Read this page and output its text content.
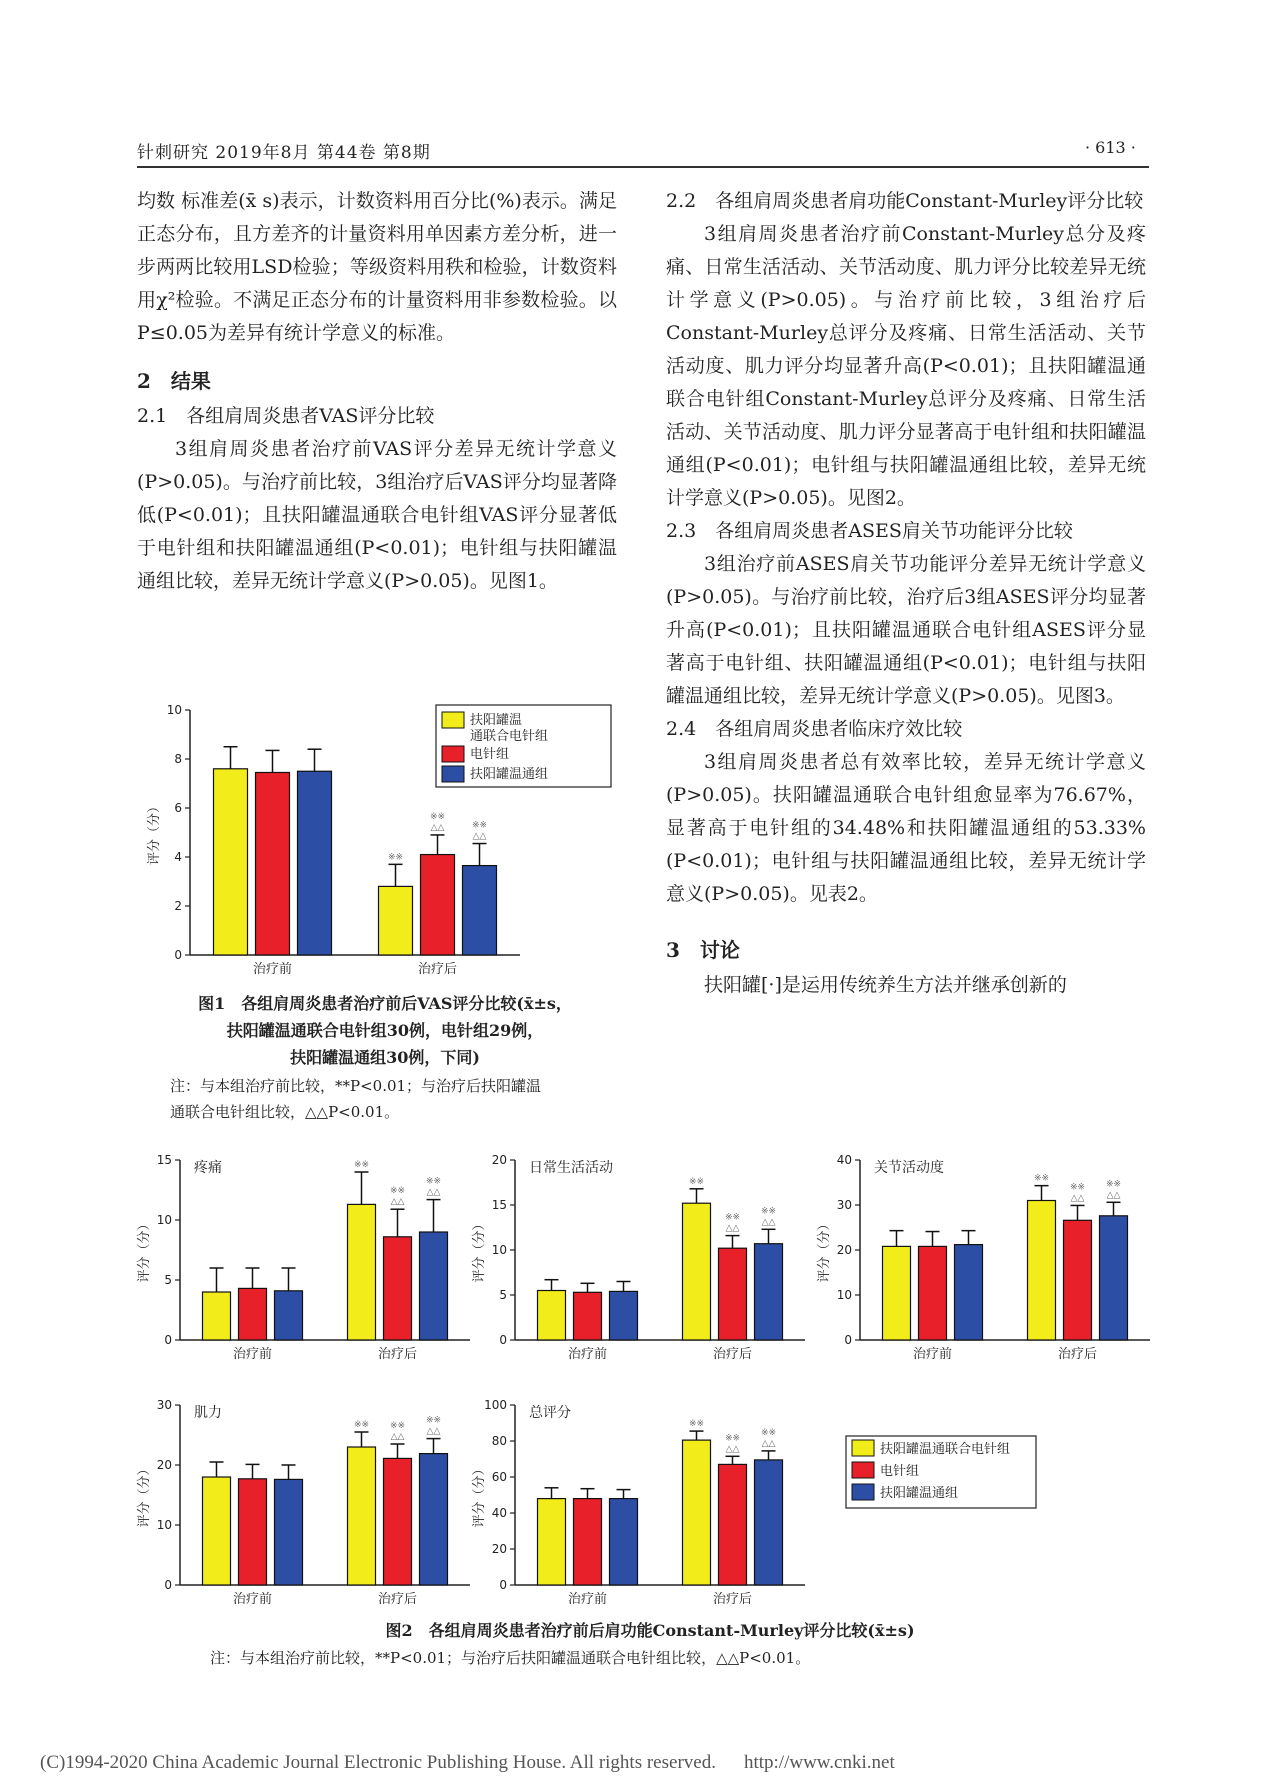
针刺研究 2019年8月 第44卷 第8期	· 613 ·

均数 标准差(x̄ s)表示，计数资料用百分比(%)表示。满足正态分布，且方差齐的计量资料用单因素方差分析，进一步两两比较用LSD检验；等级资料用秩和检验，计数资料用χ²检验。不满足正态分布的计量资料用非参数检验。以P≤0.05为差异有统计学意义的标准。

2　结果
2.1　各组肩周炎患者VAS评分比较

3组肩周炎患者治疗前VAS评分差异无统计学意义(P>0.05)。与治疗前比较，3组治疗后VAS评分均显著降低(P<0.01)；且扶阳罐温通联合电针组VAS评分显著低于电针组和扶阳罐温通组(P<0.01)；电针组与扶阳罐温通组比较，差异无统计学意义(P>0.05)。见图1。

2.2　各组肩周炎患者肩功能Constant-Murley评分比较

3组肩周炎患者治疗前Constant-Murley总分及疼痛、日常生活活动、关节活动度、肌力评分比较差异无统计学意义(P>0.05)。与治疗前比较，3组治疗后Constant-Murley总评分及疼痛、日常生活活动、关节活动度、肌力评分均显著升高(P<0.01)；且扶阳罐温通联合电针组Constant-Murley总评分及疼痛、日常生活活动、关节活动度、肌力评分显著高于电针组和扶阳罐温通组(P<0.01)；电针组与扶阳罐温通组比较，差异无统计学意义(P>0.05)。见图2。

2.3　各组肩周炎患者ASES肩关节功能评分比较

3组治疗前ASES肩关节功能评分差异无统计学意义(P>0.05)。与治疗前比较，治疗后3组ASES评分均显著升高(P<0.01)；且扶阳罐温通联合电针组ASES评分显著高于电针组、扶阳罐温通组(P<0.01)；电针组与扶阳罐温通组比较，差异无统计学意义(P>0.05)。见图3。

2.4　各组肩周炎患者临床疗效比较

3组肩周炎患者总有效率比较，差异无统计学意义(P>0.05)。扶阳罐温通联合电针组愈显率为76.67%，显著高于电针组的34.48%和扶阳罐温通组的53.33%(P<0.01)；电针组与扶阳罐温通组比较，差异无统计学意义(P>0.05)。见表2。

3　讨论

扶阳罐[·]是运用传统养生方法并继承创新的

0
2
4
6
8
10
评分（分）
治疗前
※※
※※
△△	※※
△△
治疗后
扶阳罐温
通联合电针组
电针组
扶阳罐温通组
图1　各组肩周炎患者治疗前后VAS评分比较(x̄±s，
扶阳罐温通联合电针组30例，电针组29例，
扶阳罐温通组30例，下同)
注：与本组治疗前比较，**P<0.01；与治疗后扶阳罐温
通联合电针组比较，△△P<0.01。
0
5
10
15
评分（分）
疼痛
治疗前
※※
※※
△△
※※
△△
治疗后
0
5
10
15
20
评分（分）
日常生活活动
治疗前
※※
※※
△△
※※
△△
治疗后
0
10
20
30
40
评分（分）
关节活动度
治疗前
※※
※※
△△
※※
△△
治疗后
0
10
20
30
评分（分）
肌力
治疗前
※※ ※※
△△
※※
△△
治疗后
0
20
40
60
80
100
评分（分）
总评分
治疗前
※※
※※
△△
※※
△△
治疗后
扶阳罐温通联合电针组
电针组
扶阳罐温通组
图2　各组肩周炎患者治疗前后肩功能Constant-Murley评分比较(x̄±s)
注：与本组治疗前比较，**P<0.01；与治疗后扶阳罐温通联合电针组比较，△△P<0.01。
(C)1994-2020 China Academic Journal Electronic Publishing House. All rights reserved. http://www.cnki.net
